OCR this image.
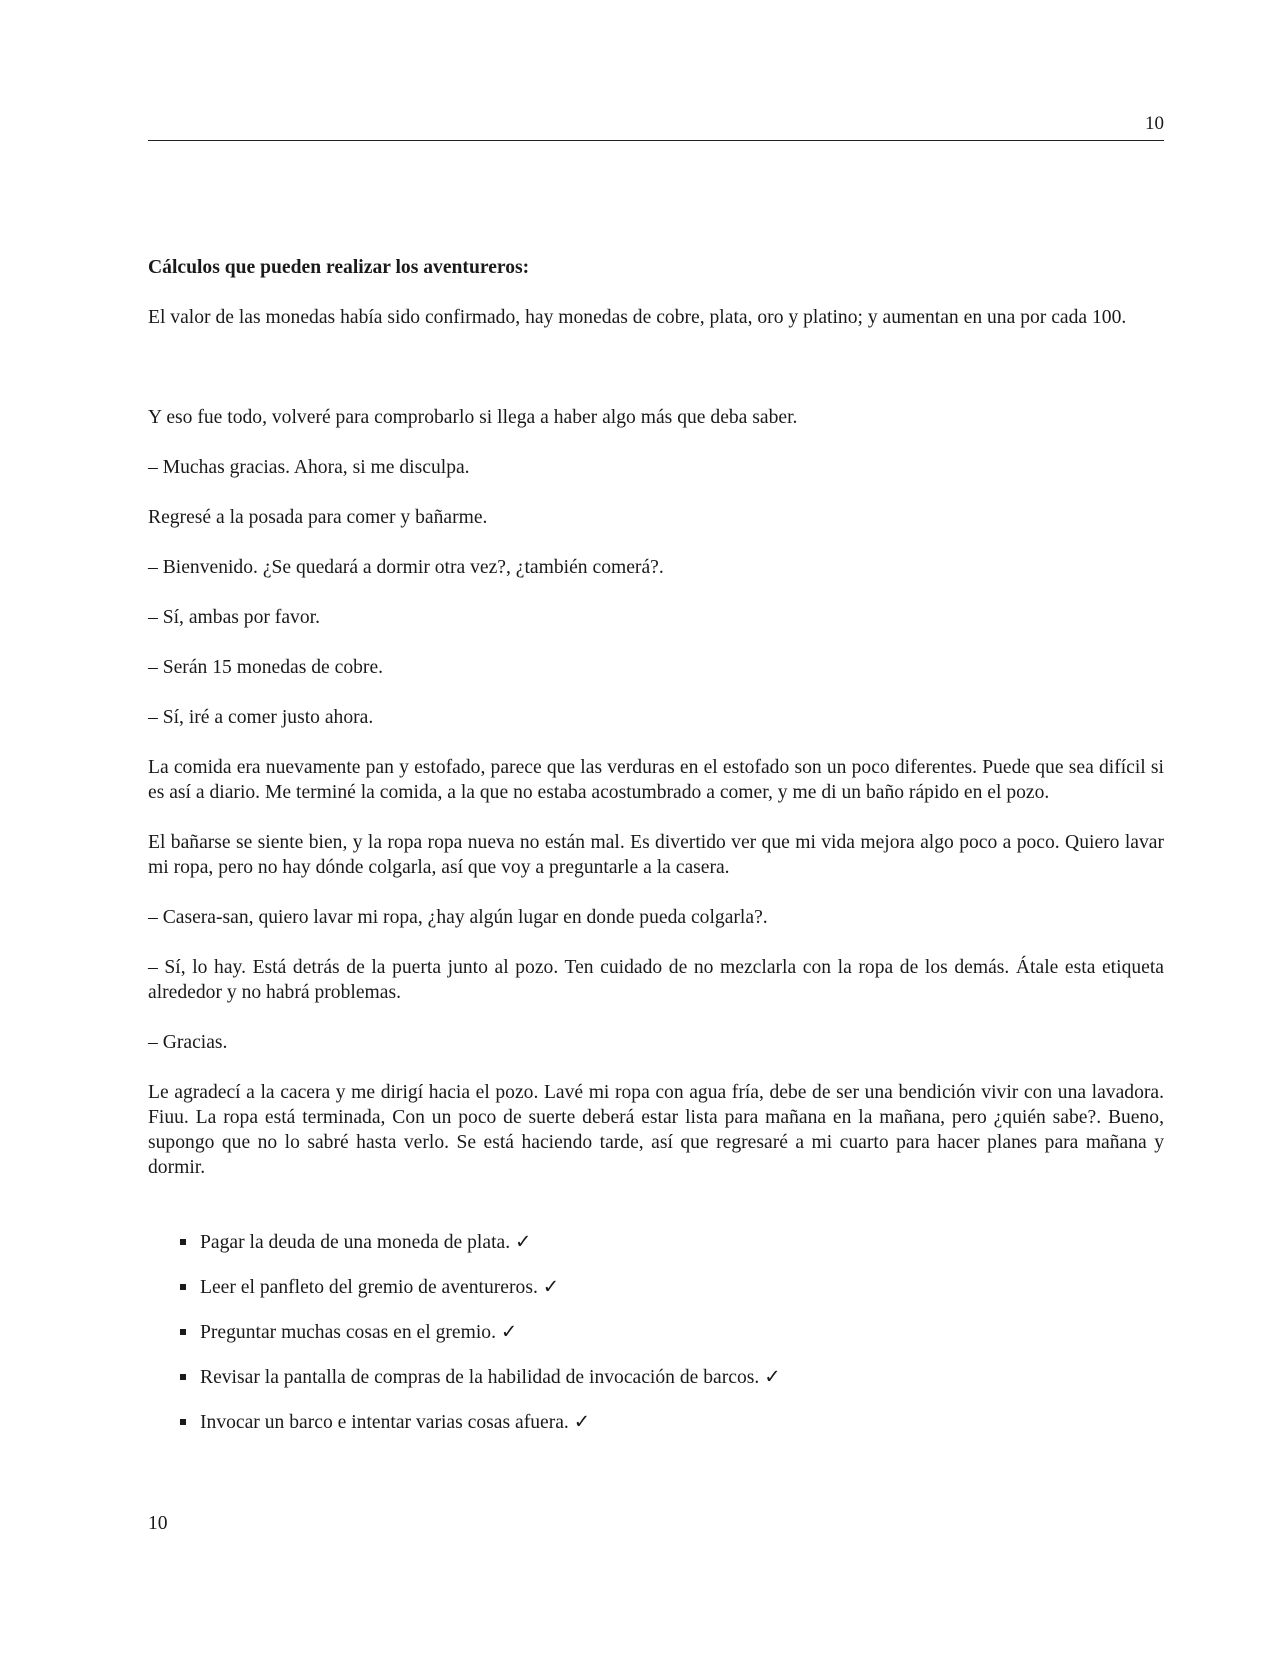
10
Cálculos que pueden realizar los aventureros:

El valor de las monedas había sido confirmado, hay monedas de cobre, plata, oro y platino; y aumentan en una por cada 100.

Y eso fue todo, volveré para comprobarlo si llega a haber algo más que deba saber.

– Muchas gracias. Ahora, si me disculpa.

Regresé a la posada para comer y bañarme.

– Bienvenido. ¿Se quedará a dormir otra vez?, ¿también comerá?.

– Sí, ambas por favor.

– Serán 15 monedas de cobre.

– Sí, iré a comer justo ahora.

La comida era nuevamente pan y estofado, parece que las verduras en el estofado son un poco diferentes. Puede que sea difícil si es así a diario. Me terminé la comida, a la que no estaba acostumbrado a comer, y me di un baño rápido en el pozo.

El bañarse se siente bien, y la ropa ropa nueva no están mal. Es divertido ver que mi vida mejora algo poco a poco. Quiero lavar mi ropa, pero no hay dónde colgarla, así que voy a preguntarle a la casera.

– Casera-san, quiero lavar mi ropa, ¿hay algún lugar en donde pueda colgarla?.

– Sí, lo hay. Está detrás de la puerta junto al pozo. Ten cuidado de no mezclarla con la ropa de los demás. Átale esta etiqueta alrededor y no habrá problemas.

– Gracias.

Le agradecí a la cacera y me dirigí hacia el pozo. Lavé mi ropa con agua fría, debe de ser una bendición vivir con una lavadora. Fiuu. La ropa está terminada, Con un poco de suerte deberá estar lista para mañana en la mañana, pero ¿quién sabe?. Bueno, supongo que no lo sabré hasta verlo. Se está haciendo tarde, así que regresaré a mi cuarto para hacer planes para mañana y dormir.

Pagar la deuda de una moneda de plata. ✓
Leer el panfleto del gremio de aventureros. ✓
Preguntar muchas cosas en el gremio. ✓
Revisar la pantalla de compras de la habilidad de invocación de barcos. ✓
Invocar un barco e intentar varias cosas afuera. ✓
10
